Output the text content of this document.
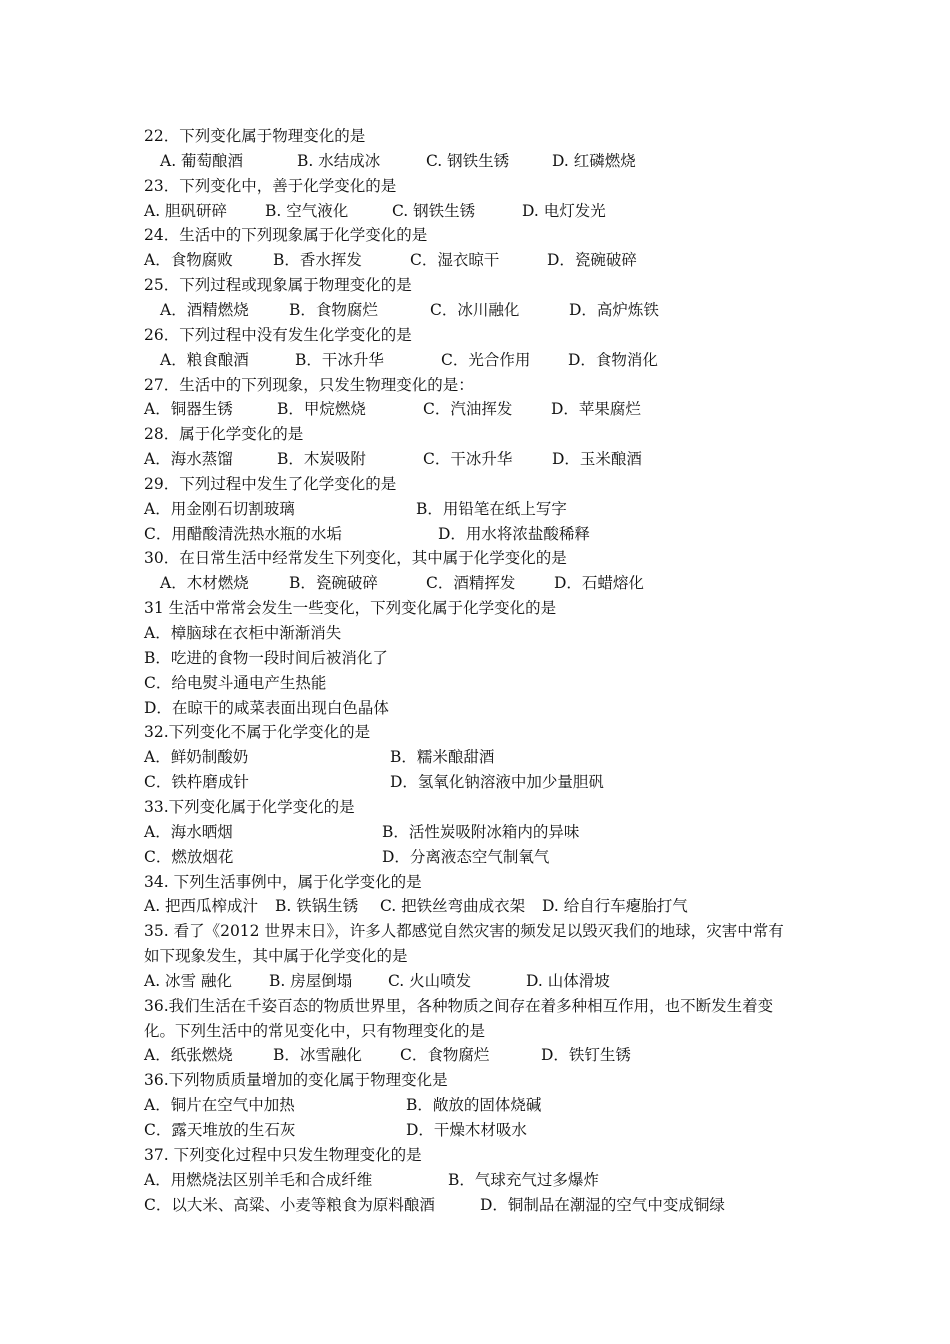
22．下列变化属于物理变化的是
A. 葡萄酿酒	B. 水结成冰	C. 钢铁生锈	D. 红磷燃烧
23．下列变化中，善于化学变化的是
A. 胆矾研碎 B. 空气液化	C. 钢铁生锈	D. 电灯发光
24．生活中的下列现象属于化学变化的是
A．食物腐败	B．香水挥发	C．湿衣晾干	D．瓷碗破碎
25．下列过程或现象属于物理变化的是
A．酒精燃烧	B．食物腐烂	C．冰川融化	D．高炉炼铁
26．下列过程中没有发生化学变化的是
A．粮食酿酒	B．干冰升华	C．光合作用 D．食物消化
27．生活中的下列现象，只发生物理变化的是：
A．铜器生锈	B．甲烷燃烧	C．汽油挥发 D．苹果腐烂
28．属于化学变化的是
A．海水蒸馏	B．木炭吸附	C．干冰升华	D．玉米酿酒
29．下列过程中发生了化学变化的是
A．用金刚石切割玻璃	B．用铅笔在纸上写字
C．用醋酸清洗热水瓶的水垢	D．用水将浓盐酸稀释
30．在日常生活中经常发生下列变化，其中属于化学变化的是
A．木材燃烧	B．瓷碗破碎	C．酒精挥发 D．石蜡熔化
31 生活中常常会发生一些变化，下列变化属于化学变化的是
A．樟脑球在衣柜中渐渐消失
B．吃进的食物一段时间后被消化了
C．给电熨斗通电产生热能
D．在晾干的咸菜表面出现白色晶体
32.下列变化不属于化学变化的是
A．鲜奶制酸奶	B．糯米酿甜酒
C．铁杵磨成针	D．氢氧化钠溶液中加少量胆矾
33.下列变化属于化学变化的是
A．海水晒烟	B．活性炭吸附冰箱内的异味
C．燃放烟花	D．分离液态空气制氧气
34. 下列生活事例中，属于化学变化的是
A. 把西瓜榨成汁 B. 铁锅生锈 C. 把铁丝弯曲成衣架 D. 给自行车瘪胎打气
35. 看了《2012 世界末日》，许多人都感觉自然灾害的频发足以毁灭我们的地球，灾害中常有
如下现象发生，其中属于化学变化的是
A. 冰雪 融化 B. 房屋倒塌 C. 火山喷发	D. 山体滑坡
36.我们生活在千姿百态的物质世界里，各种物质之间存在着多种相互作用，也不断发生着变
化。下列生活中的常见变化中，只有物理变化的是
A．纸张燃烧	B．冰雪融化 C．食物腐烂	D．铁钉生锈
36.下列物质质量增加的变化属于物理变化是
A．铜片在空气中加热	B．敞放的固体烧碱
C．露天堆放的生石灰	D．干燥木材吸水
37. 下列变化过程中只发生物理变化的是
A．用燃烧法区别羊毛和合成纤维	B．气球充气过多爆炸
C．以大米、高粱、小麦等粮食为原料酿酒	D．铜制品在潮湿的空气中变成铜绿
